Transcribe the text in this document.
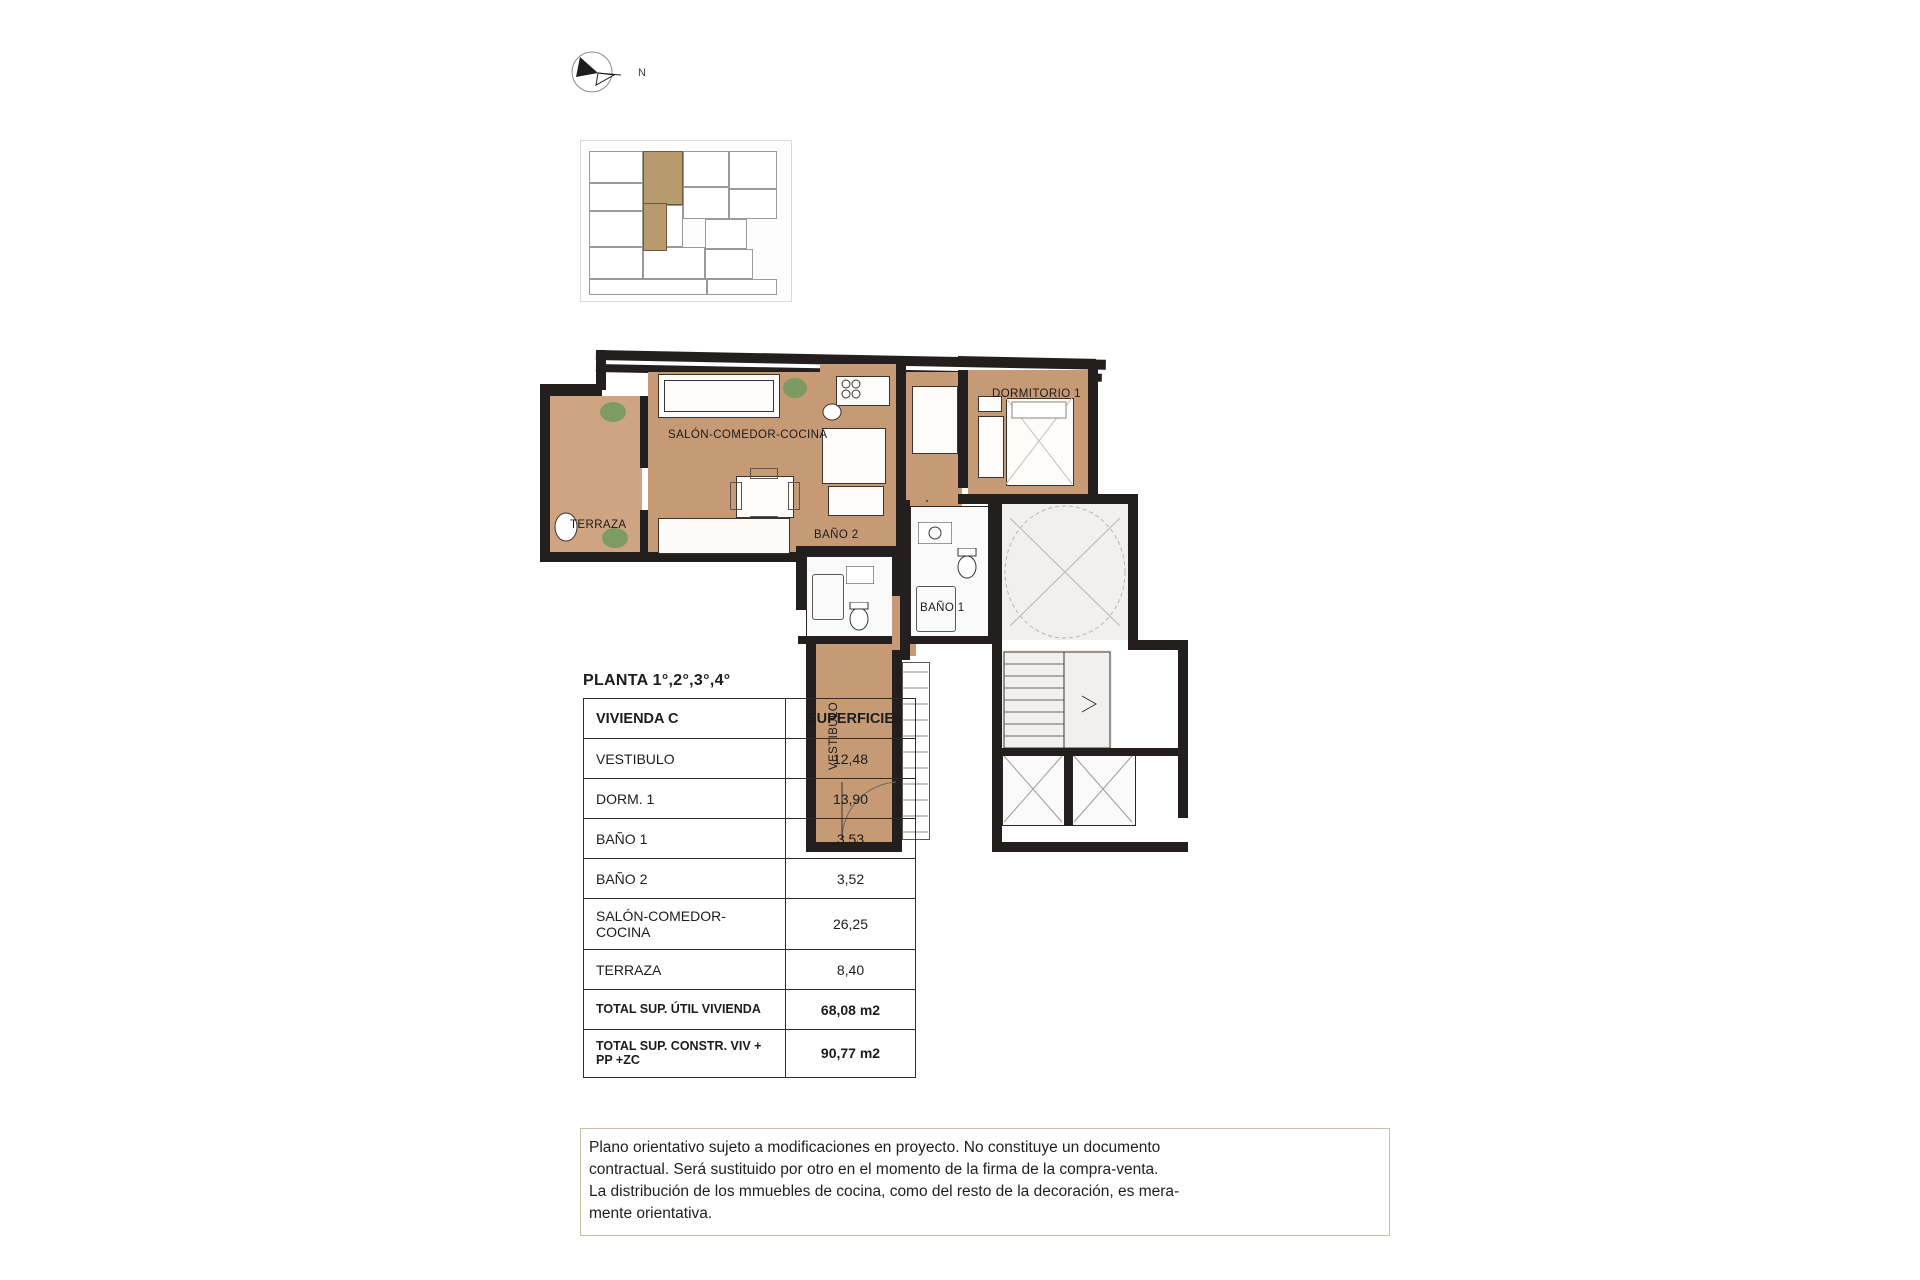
N
TERRAZA
SALÓN-COMEDOR-COCINA
DORMITORIO 1
BAÑO 2
VESTIBULO
BAÑO 1
PLANTA 1°,2°,3°,4°
VIVIENDA C	SUPERFICIE
VESTIBULO	12,48
DORM. 1	13,90
BAÑO 1	3,53
BAÑO 2	3,52
SALÓN-COMEDOR-COCINA	26,25
TERRAZA	8,40
TOTAL SUP. ÚTIL VIVIENDA	68,08 m2
TOTAL SUP. CONSTR. VIV + PP +ZC	90,77 m2
Plano orientativo sujeto a modificaciones en proyecto. No constituye un documento
contractual. Será sustituido por otro en el momento de la firma de la compra-venta.
La distribución de los mmuebles de cocina, como del resto de la decoración, es mera-
mente orientativa.
